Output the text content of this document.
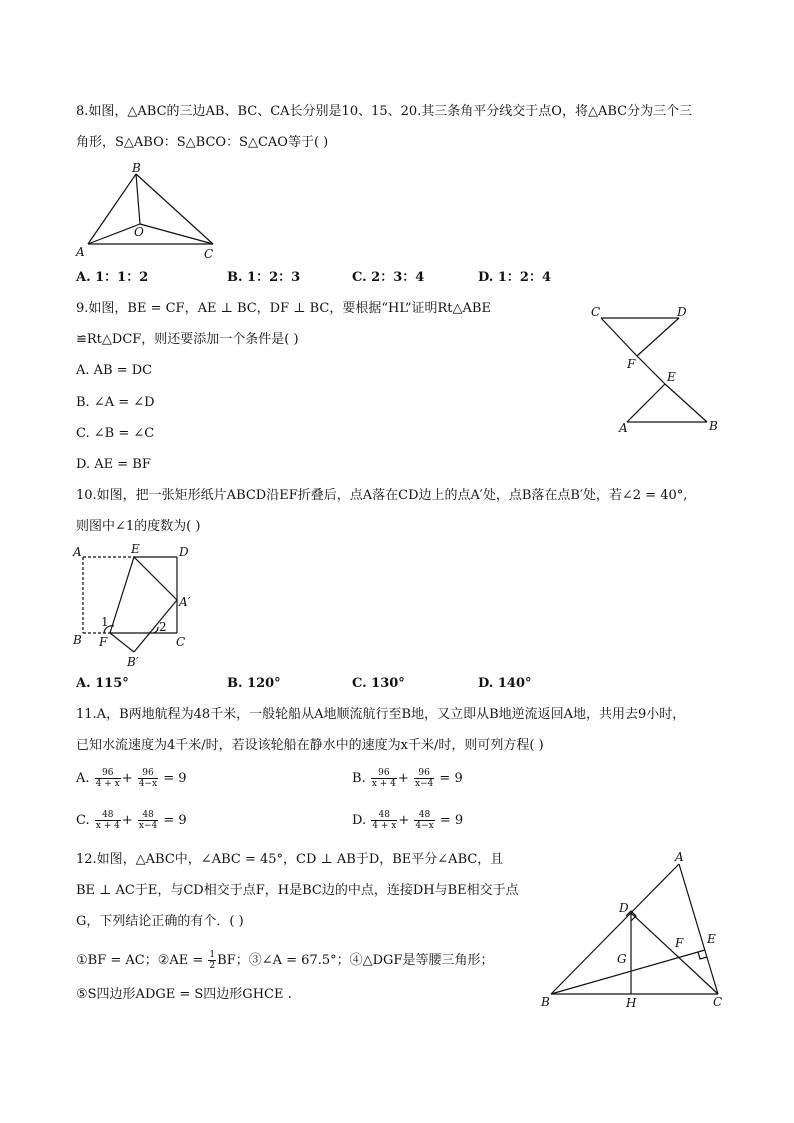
8.如图，△ABC的三边AB、BC、CA长分别是10、15、20.其三条角平分线交于点O，将△ABC分为三个三
角形，S△ABO：S△BCO：S△CAO等于( )
B
A	C
O
A. 1：1：2	B. 1：2：3	C. 2：3：4	D. 1：2：4
9.如图，BE = CF，AE ⊥ BC，DF ⊥ BC，要根据“HL”证明Rt△ABE
≌Rt△DCF，则还要添加一个条件是( )
A. AB = DC
B. ∠A = ∠D
C. ∠B = ∠C
D. AE = BF
C	D
F
E
A	B
10.如图，把一张矩形纸片ABCD沿EF折叠后，点A落在CD边上的点A′处，点B落在点B′处，若∠2 = 40°,
则图中∠1的度数为( )
A	E	D
A′
B F	C
B′
1	2
A. 115°	B. 120°	C. 130°	D. 140°
11.A，B两地航程为48千米，一般轮船从A地顺流航行至B地，又立即从B地逆流返回A地，共用去9小时，
已知水流速度为4千米/时，若设该轮船在静水中的速度为x千米/时，则可列方程( )
A. $\frac{96}{4 + x} + \frac{96}{4-x} = 9$	B. $\frac{96}{x + 4} + \frac{96}{x-4} = 9$
C. $\frac{48}{x + 4} + \frac{48}{x-4} = 9$	D. $\frac{48}{4 + x} + \frac{48}{4-x} = 9$
12.如图，△ABC中，∠ABC = 45°，CD ⊥ AB于D，BE平分∠ABC，且
BE ⊥ AC于E，与CD相交于点F，H是BC边的中点，连接DH与BE相交于点
G，下列结论正确的有个．( )
①BF = AC；②AE = $\frac{1}{2}$ BF；③∠A = 67.5°；④△DGF是等腰三角形；
⑤S四边形ADGE = S四边形GHCE .
A
D
E
F
G
B	H	C
